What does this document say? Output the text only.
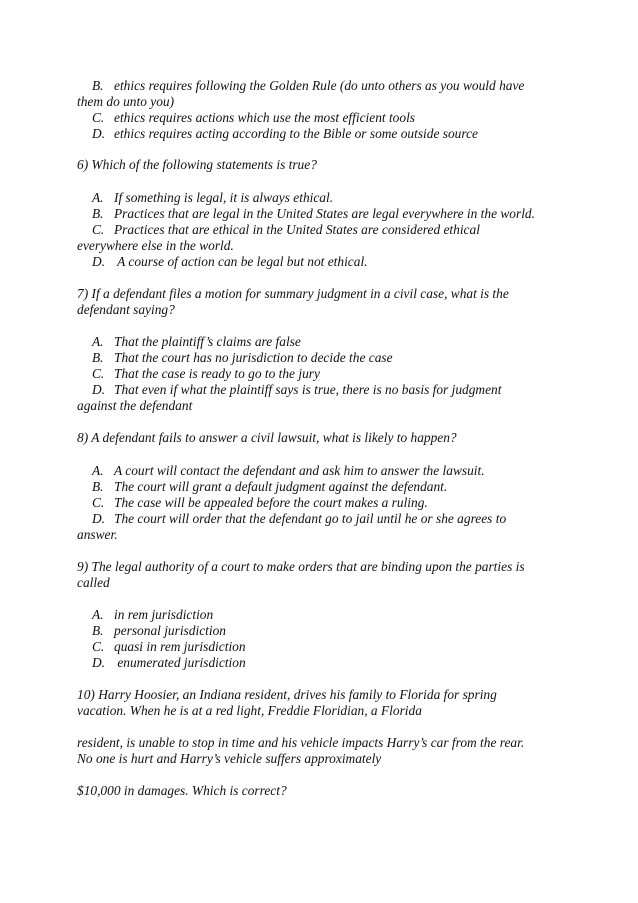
B. ethics requires following the Golden Rule (do unto others as you would have

them do unto you)

C. ethics requires actions which use the most efficient tools

D. ethics requires acting according to the Bible or some outside source

6) Which of the following statements is true?

A. If something is legal, it is always ethical.

B. Practices that are legal in the United States are legal everywhere in the world.

C. Practices that are ethical in the United States are considered ethical

everywhere else in the world.

D. A course of action can be legal but not ethical.

7) If a defendant files a motion for summary judgment in a civil case, what is the

defendant saying?

A. That the plaintiff’s claims are false

B. That the court has no jurisdiction to decide the case

C. That the case is ready to go to the jury

D. That even if what the plaintiff says is true, there is no basis for judgment

against the defendant

8) A defendant fails to answer a civil lawsuit, what is likely to happen?

A. A court will contact the defendant and ask him to answer the lawsuit.

B. The court will grant a default judgment against the defendant.

C. The case will be appealed before the court makes a ruling.

D. The court will order that the defendant go to jail until he or she agrees to

answer.

9) The legal authority of a court to make orders that are binding upon the parties is

called

A. in rem jurisdiction

B. personal jurisdiction

C. quasi in rem jurisdiction

D. enumerated jurisdiction

10) Harry Hoosier, an Indiana resident, drives his family to Florida for spring

vacation. When he is at a red light, Freddie Floridian, a Florida

resident, is unable to stop in time and his vehicle impacts Harry’s car from the rear.

No one is hurt and Harry’s vehicle suffers approximately

$10,000 in damages. Which is correct?
